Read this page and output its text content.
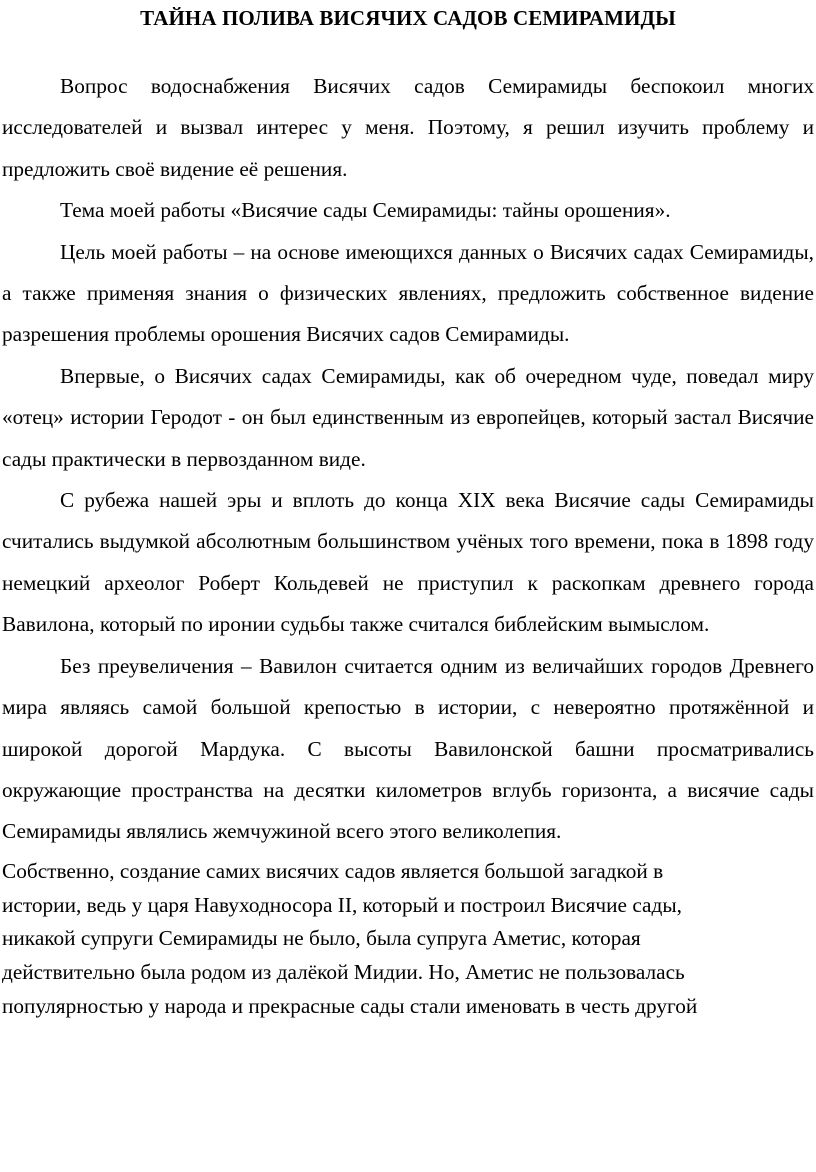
ТАЙНА ПОЛИВА ВИСЯЧИХ САДОВ СЕМИРАМИДЫ

Вопрос водоснабжения Висячих садов Семирамиды беспокоил многих исследователей и вызвал интерес у меня. Поэтому, я решил изучить проблему и предложить своё видение её решения.

Тема моей работы «Висячие сады Семирамиды: тайны орошения».

Цель моей работы – на основе имеющихся данных о Висячих садах Семирамиды, а также применяя знания о физических явлениях, предложить собственное видение разрешения проблемы орошения Висячих садов Семирамиды.

Впервые, о Висячих садах Семирамиды, как об очередном чуде, поведал миру «отец» истории Геродот - он был единственным из европейцев, который застал Висячие сады практически в первозданном виде.

С рубежа нашей эры и вплоть до конца XIX века Висячие сады Семирамиды считались выдумкой абсолютным большинством учёных того времени, пока в 1898 году немецкий археолог Роберт Кольдевей не приступил к раскопкам древнего города Вавилона, который по иронии судьбы также считался библейским вымыслом.

Без преувеличения – Вавилон считается одним из величайших городов Древнего мира являясь самой большой крепостью в истории, с невероятно протяжённой и широкой дорогой Мардука. С высоты Вавилонской башни просматривались окружающие пространства на десятки километров вглубь горизонта, а висячие сады Семирамиды являлись жемчужиной всего этого великолепия.

Собственно, создание самих висячих садов является большой загадкой в

истории, ведь у царя Навуходносора II, который и построил Висячие сады,

никакой супруги Семирамиды не было, была супруга Аметис, которая

действительно была родом из далёкой Мидии. Но, Аметис не пользовалась

популярностью у народа и прекрасные сады стали именовать в честь другой
